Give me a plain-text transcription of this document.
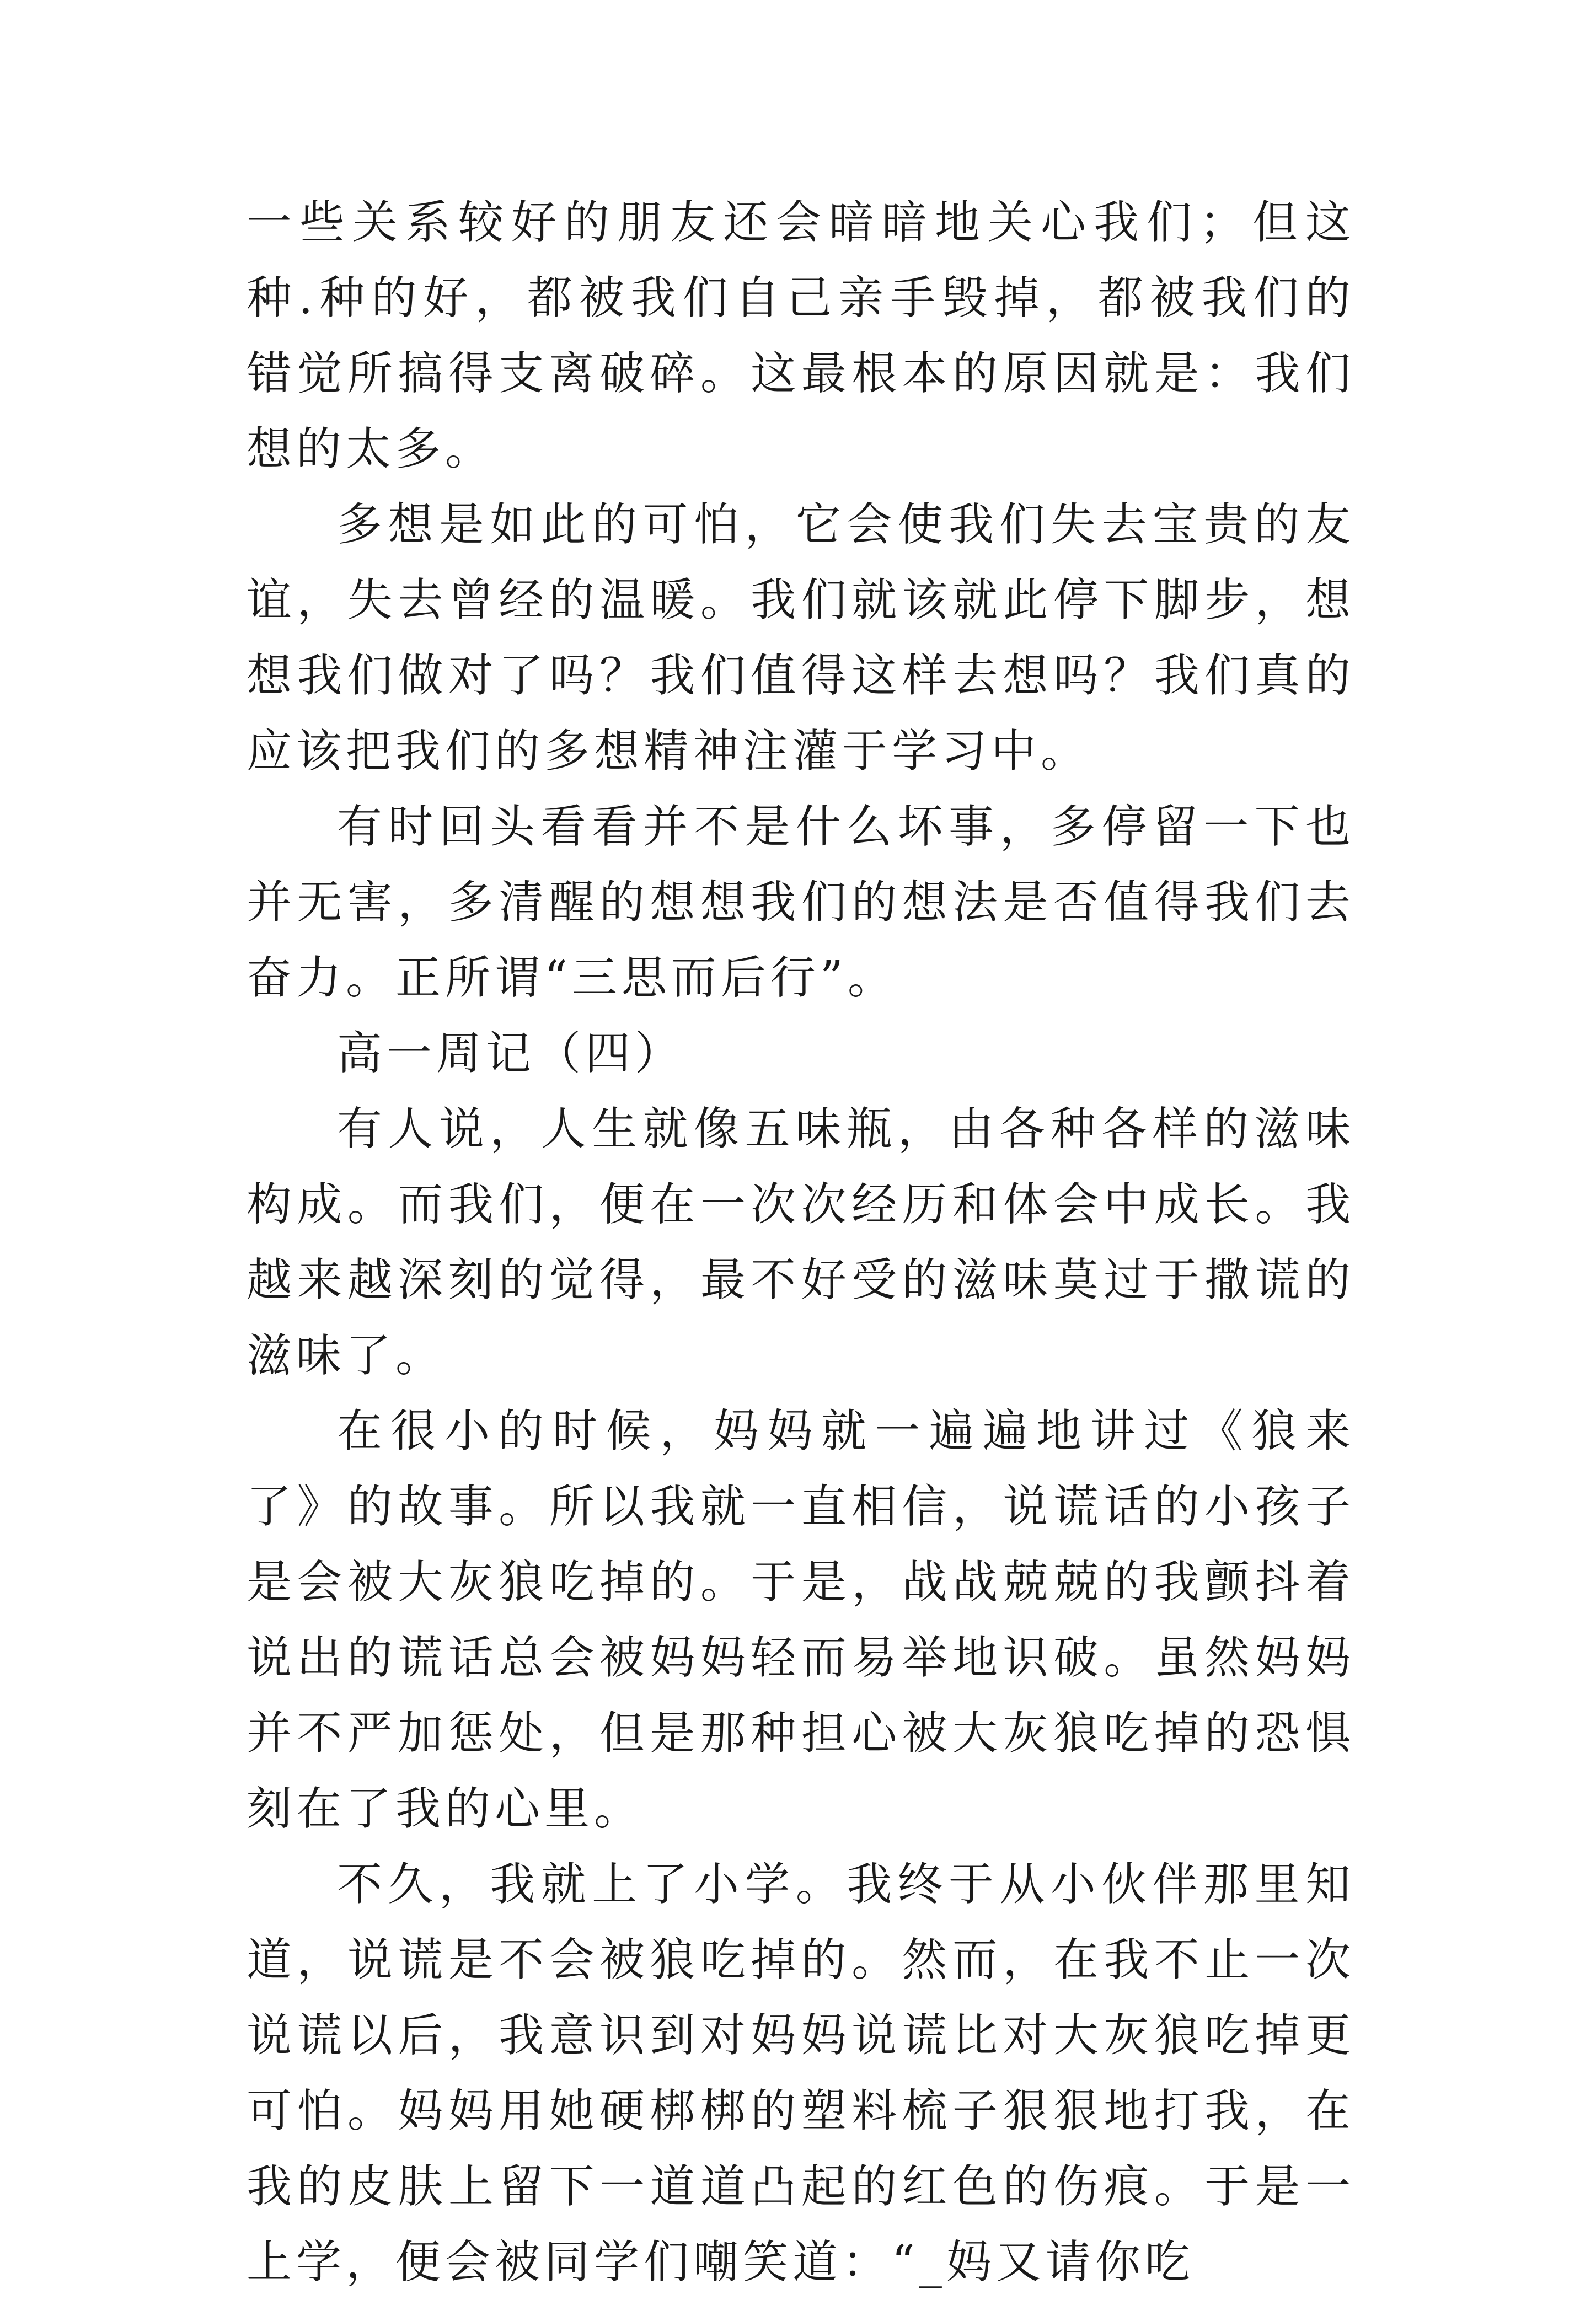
一些关系较好的朋友还会暗暗地关心我们；但这种.种的好，都被我们自己亲手毁掉，都被我们的错觉所搞得支离破碎。这最根本的原因就是：我们想的太多。

多想是如此的可怕，它会使我们失去宝贵的友谊，失去曾经的温暖。我们就该就此停下脚步，想想我们做对了吗？我们值得这样去想吗？我们真的应该把我们的多想精神注灌于学习中。

有时回头看看并不是什么坏事，多停留一下也并无害，多清醒的想想我们的想法是否值得我们去奋力。正所谓“三思而后行”。

高一周记（四）

有人说，人生就像五味瓶，由各种各样的滋味构成。而我们，便在一次次经历和体会中成长。我越来越深刻的觉得，最不好受的滋味莫过于撒谎的滋味了。

在很小的时候，妈妈就一遍遍地讲过《狼来了》的故事。所以我就一直相信，说谎话的小孩子是会被大灰狼吃掉的。于是，战战兢兢的我颤抖着说出的谎话总会被妈妈轻而易举地识破。虽然妈妈并不严加惩处，但是那种担心被大灰狼吃掉的恐惧刻在了我的心里。

不久，我就上了小学。我终于从小伙伴那里知道，说谎是不会被狼吃掉的。然而，在我不止一次说谎以后，我意识到对妈妈说谎比对大灰狼吃掉更可怕。妈妈用她硬梆梆的塑料梳子狠狠地打我，在我的皮肤上留下一道道凸起的红色的伤痕。于是一上学，便会被同学们嘲笑道：“_妈又请你吃
